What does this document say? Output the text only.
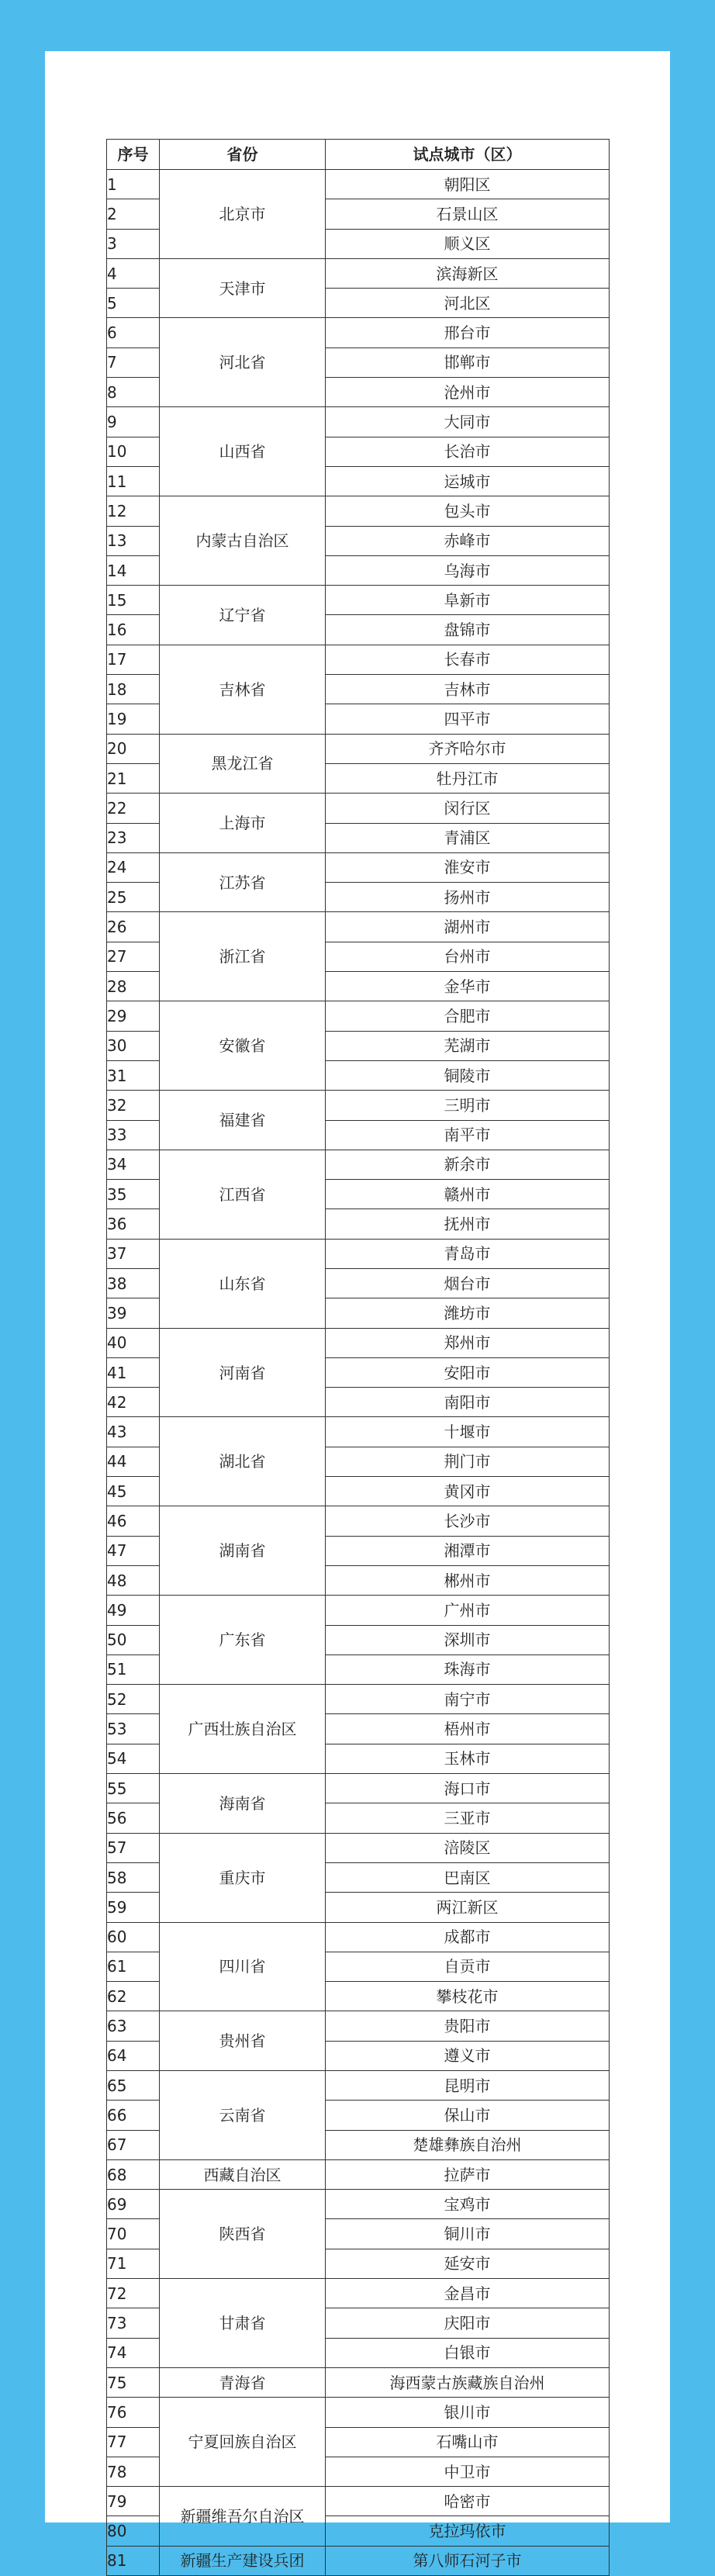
序号	省份	试点城市（区）
1	北京市	朝阳区
2		石景山区
3		顺义区
4	天津市	滨海新区
5		河北区
6	河北省	邢台市
7		邯郸市
8		沧州市
9	山西省	大同市
10		长治市
11		运城市
12	内蒙古自治区	包头市
13		赤峰市
14		乌海市
15	辽宁省	阜新市
16		盘锦市
17	吉林省	长春市
18		吉林市
19		四平市
20	黑龙江省	齐齐哈尔市
21		牡丹江市
22	上海市	闵行区
23		青浦区
24	江苏省	淮安市
25		扬州市
26	浙江省	湖州市
27		台州市
28		金华市
29	安徽省	合肥市
30		芜湖市
31		铜陵市
32	福建省	三明市
33		南平市
34	江西省	新余市
35		赣州市
36		抚州市
37	山东省	青岛市
38		烟台市
39		潍坊市
40	河南省	郑州市
41		安阳市
42		南阳市
43	湖北省	十堰市
44		荆门市
45		黄冈市
46	湖南省	长沙市
47		湘潭市
48		郴州市
49	广东省	广州市
50		深圳市
51		珠海市
52	广西壮族自治区	南宁市
53		梧州市
54		玉林市
55	海南省	海口市
56		三亚市
57	重庆市	涪陵区
58		巴南区
59		两江新区
60	四川省	成都市
61		自贡市
62		攀枝花市
63	贵州省	贵阳市
64		遵义市
65	云南省	昆明市
66		保山市
67		楚雄彝族自治州
68	西藏自治区	拉萨市
69	陕西省	宝鸡市
70		铜川市
71		延安市
72	甘肃省	金昌市
73		庆阳市
74		白银市
75	青海省	海西蒙古族藏族自治州
76	宁夏回族自治区	银川市
77		石嘴山市
78		中卫市
79	新疆维吾尔自治区	哈密市
80		克拉玛依市
81	新疆生产建设兵团	第八师石河子市
